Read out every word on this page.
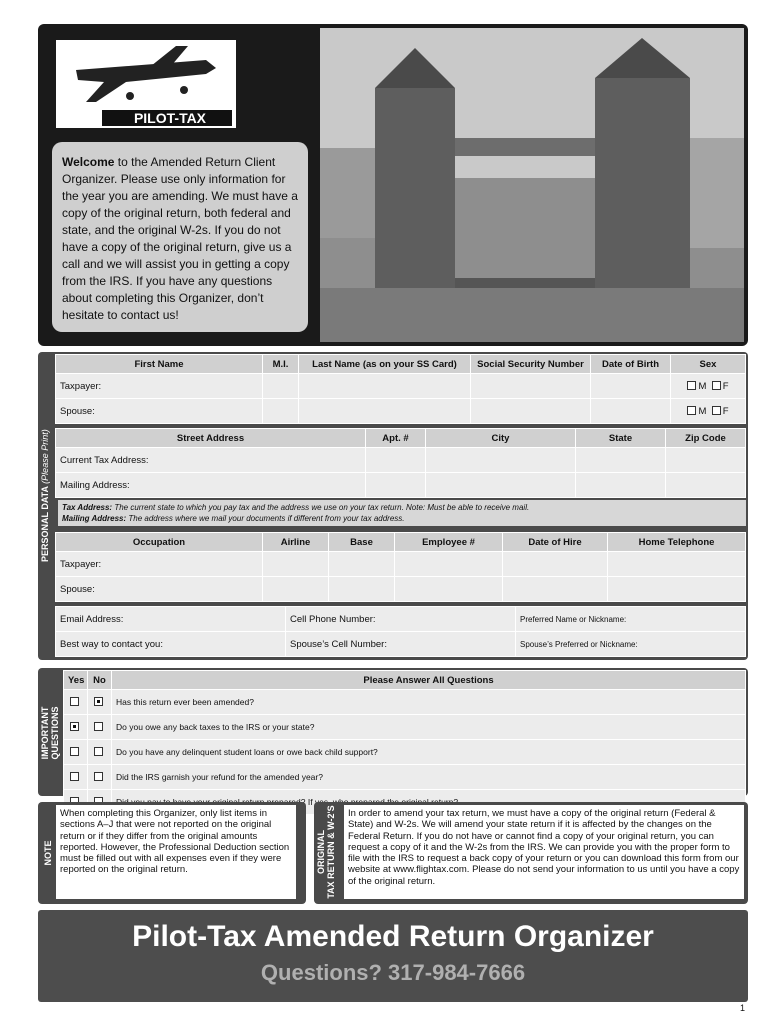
PILOT-TAX
Welcome to the Amended Return Client Organizer. Please use only information for the year you are amending. We must have a copy of the original return, both federal and state, and the original W-2s. If you do not have a copy of the original return, give us a call and we will assist you in getting a copy from the IRS. If you have any questions about completing this Organizer, don’t hesitate to contact us!
PERSONAL DATA (Please Print)
First Name	M.I.	Last Name (as on your SS Card)	Social Security Number	Date of Birth	Sex
Taxpayer:					M F
Spouse:					M F
Street Address	Apt. #	City	State	Zip Code
Current Tax Address:				
Mailing Address:				
Tax Address: The current state to which you pay tax and the address we use on your tax return. Note: Must be able to receive mail.
Mailing Address: The address where we mail your documents if different from your tax address.
Occupation	Airline	Base	Employee #	Date of Hire	Home Telephone
Taxpayer:					
Spouse:					
Email Address:	Cell Phone Number:	Preferred Name or Nickname:
Best way to contact you:	Spouse’s Cell Number:	Spouse’s Preferred or Nickname:
IMPORTANT QUESTIONS
Yes	No	Please Answer All Questions
		Has this return ever been amended?
		Do you owe any back taxes to the IRS or your state?
		Do you have any delinquent student loans or owe back child support?
		Did the IRS garnish your refund for the amended year?
		If
NOTE
When completing this Organizer, only list items in sections A–J that were not reported on the original return or if they differ from the original amounts reported. However, the Professional Deduction section must be filled out with all expenses even if they were reported on the original return.	ORIGINAL TAX RETURN & W-2'S	In order to amend your tax return, we must have a copy of the original return (Federal & State) and W-2s. We will amend your state return if it is affected by the changes on the Federal Return. If you do not have or cannot find a copy of your original return, you can request a copy of it and the W-2s from the IRS. We can provide you with the proper form to file with the IRS to request a back copy of your return or you can download this form from our website at www.flightax.com. Please do not send your information to us until you have a copy of the original return.
Pilot-Tax Amended Return Organizer
Questions? 317-984-7666
1
